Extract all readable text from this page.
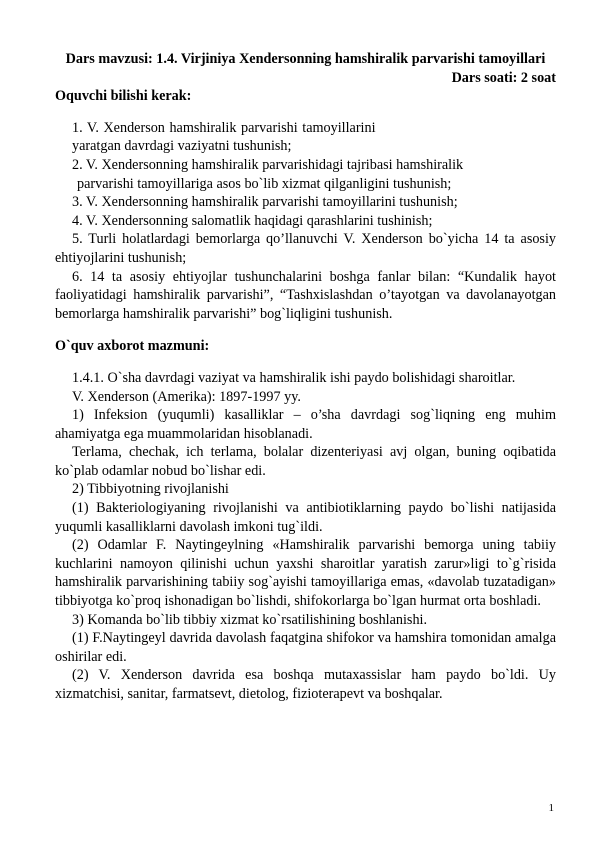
Dars mavzusi: 1.4. Virjiniya Xendersonning hamshiralik parvarishi tamoyillari

Dars soati: 2 soat

Oquvchi bilishi kerak:

1. V. Xenderson hamshiralik parvarishi tamoyillarini

yaratgan davrdagi vaziyatni tushunish;

2. V. Xendersonning hamshiralik parvarishidagi tajribasi hamshiralik

parvarishi tamoyillariga asos bo`lib xizmat qilganligini tushunish;

3. V. Xendersonning hamshiralik parvarishi tamoyillarini tushunish;

4. V. Xendersonning salomatlik haqidagi qarashlarini tushinish;

5. Turli holatlardagi bemorlarga qo’llanuvchi V. Xenderson bo`yicha 14 ta asosiy ehtiyojlarini tushunish;

6. 14 ta asosiy ehtiyojlar tushunchalarini boshga fanlar bilan: “Kundalik hayot faoliyatidagi hamshiralik parvarishi”, “Tashxislashdan o’tayotgan va davolanayotgan bemorlarga hamshiralik parvarishi” bog`liqligini tushunish.

O`quv axborot mazmuni:

1.4.1. O`sha davrdagi vaziyat va hamshiralik ishi paydo bolishidagi sharoitlar.

V. Xenderson (Amerika): 1897-1997 yy.

1) Infeksion (yuqumli) kasalliklar – o’sha davrdagi sog`liqning eng muhim ahamiyatga ega muammolaridan hisoblanadi.

Terlama, chechak, ich terlama, bolalar dizenteriyasi avj olgan, buning oqibatida ko`plab odamlar nobud bo`lishar edi.

2) Tibbiyotning rivojlanishi

(1) Bakteriologiyaning rivojlanishi va antibiotiklarning paydo bo`lishi natijasida yuqumli kasalliklarni davolash imkoni tug`ildi.

(2) Odamlar F. Naytingeylning «Hamshiralik parvarishi bemorga uning tabiiy kuchlarini namoyon qilinishi uchun yaxshi sharoitlar yaratish zarur»ligi to`g`risida hamshiralik parvarishining tabiiy sog`ayishi tamoyillariga emas, «davolab tuzatadigan» tibbiyotga ko`proq ishonadigan bo`lishdi, shifokorlarga bo`lgan hurmat orta boshladi.

3) Komanda bo`lib tibbiy xizmat ko`rsatilishining boshlanishi.

(1) F.Naytingeyl davrida davolash faqatgina shifokor va hamshira tomonidan amalga oshirilar edi.

(2) V. Xenderson davrida esa boshqa mutaxassislar ham paydo bo`ldi. Uy xizmatchisi, sanitar, farmatsevt, dietolog, fizioterapevt va boshqalar.

1
